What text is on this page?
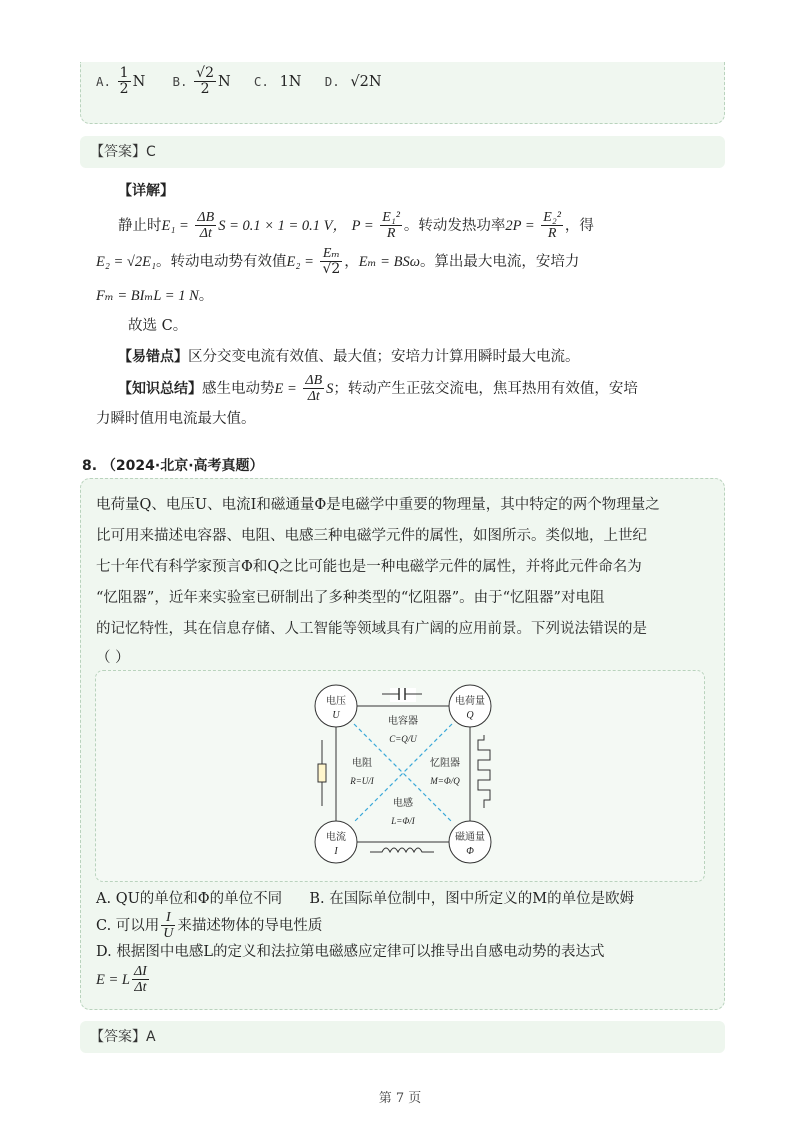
A. $\frac{1}{2}$ N B. $\frac{√2}{2}$ N C. 1N D. √2N
【答案】C
【详解】
静止时$E_1 = \frac{\Delta B}{\Delta t}$ S = 0.1 × 1 = 0.1 V， $P = \frac{\text{E₁²}}{R}$ 。转动发热功率$2P = \frac{\text{E₂²}}{R}$ ，得
E₂ = √2E₁。转动电动势有效值$E_2 = \frac{\text{Eₘ}}{√2}$ ，Eₘ = BSω。算出最大电流，安培力
Fₘ = BIₘL = 1 N。
故选 C。
【易错点】区分交变电流有效值、最大值；安培力计算用瞬时最大电流。
【知识总结】感生电动势$E = \frac{\Delta B}{\Delta t}$ S；转动产生正弦交流电，焦耳热用有效值，安培
力瞬时值用电流最大值。
8. （2024·北京·高考真题）
电荷量Q、电压U、电流I和磁通量Φ是电磁学中重要的物理量，其中特定的两个物理量之
比可用来描述电容器、电阻、电感三种电磁学元件的属性，如图所示。类似地，上世纪
七十年代有科学家预言Φ和Q之比可能也是一种电磁学元件的属性，并将此元件命名为
“忆阻器”，近年来实验室已研制出了多种类型的“忆阻器”。由于“忆阻器”对电阻
的记忆特性，其在信息存储、人工智能等领域具有广阔的应用前景。下列说法错误的是
（ ）
电压
U
电荷量
Q
电流
I
磁通量
Φ
电容器
C=Q/U
电阻
R=U/I
忆阻器
M=Φ/Q
电感
L=Φ/I
A. QU的单位和Φ的单位不同 B. 在国际单位制中，图中所定义的M的单位是欧姆
C. 可以用 $\frac{I}{U}$ 来描述物体的导电性质
D. 根据图中电感L的定义和法拉第电磁感应定律可以推导出自感电动势的表达式
E = L $\frac{\Delta I}{\Delta t}$
【答案】A
第 7 页
